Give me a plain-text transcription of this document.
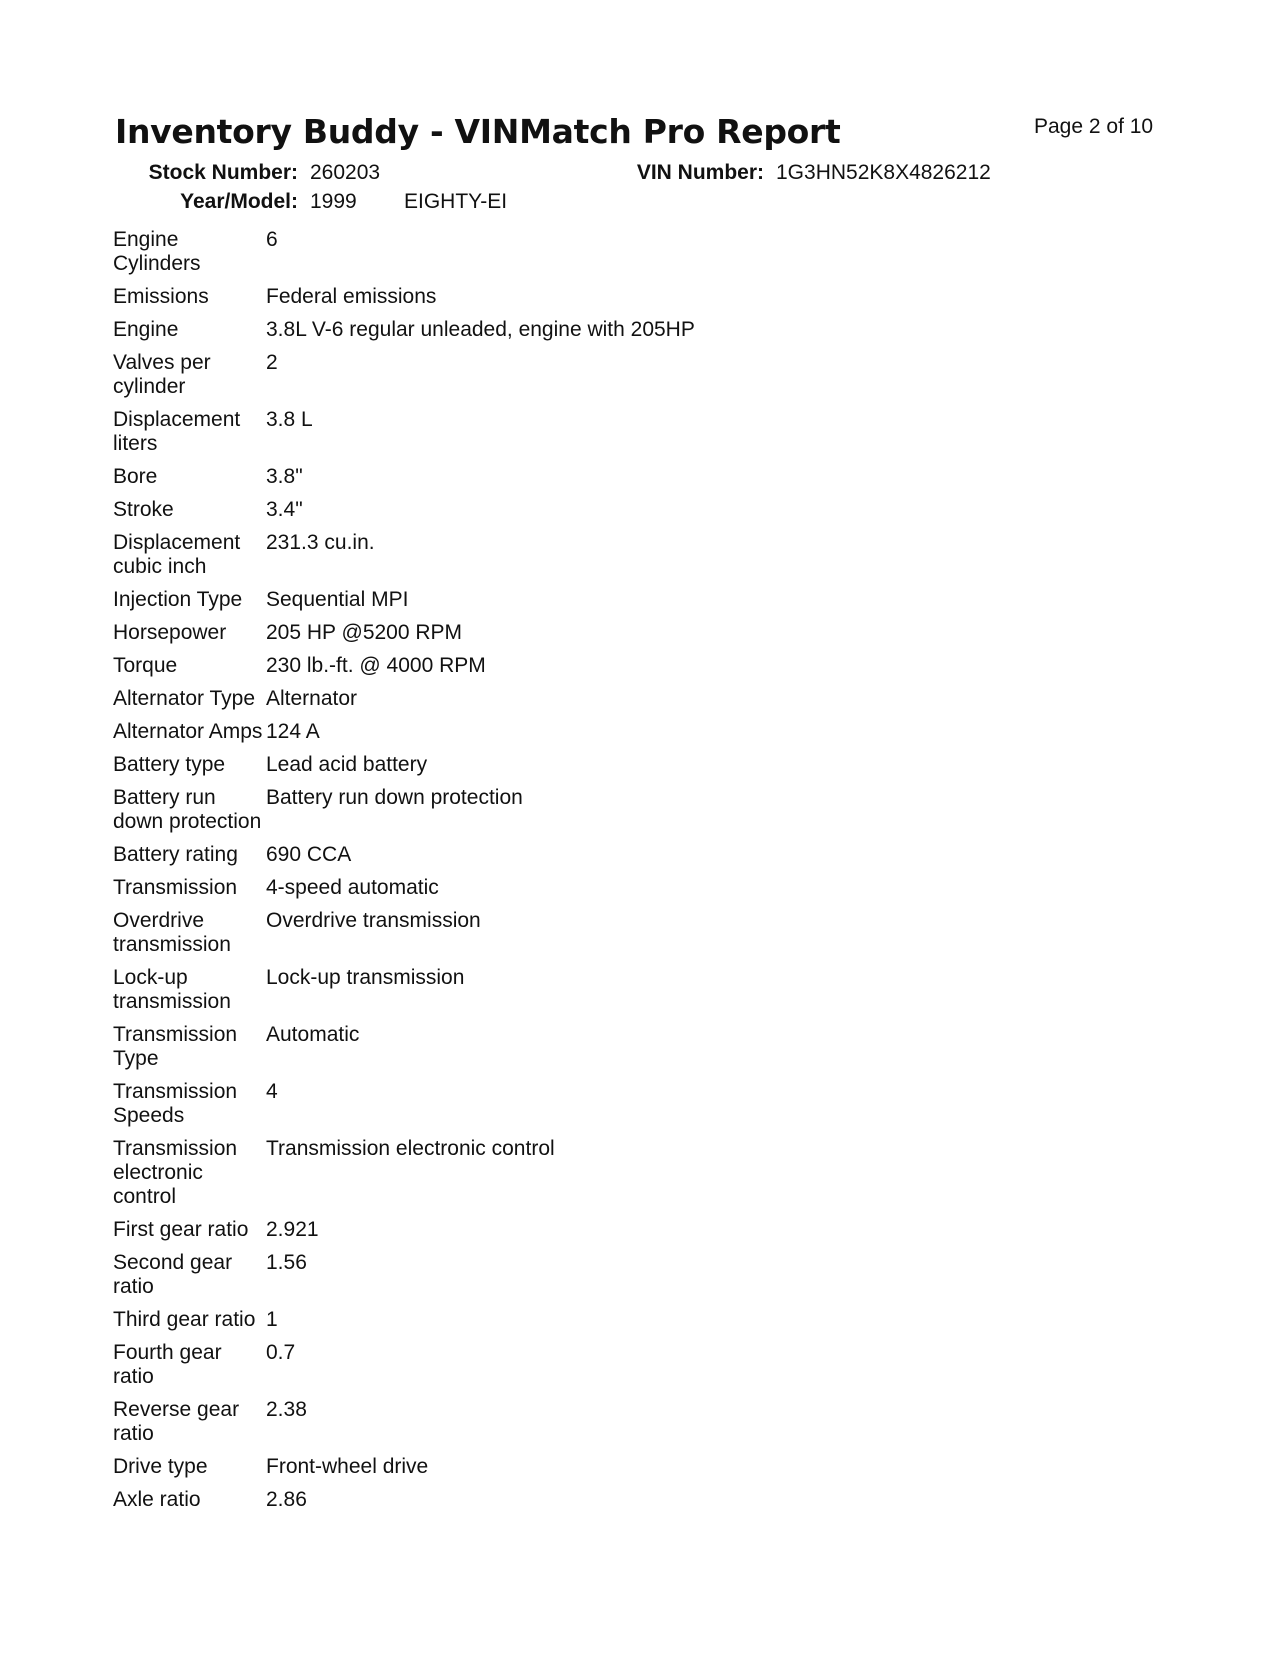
Inventory Buddy - VINMatch Pro Report	Page 2 of 10
Stock Number: 260203	VIN Number: 1G3HN52K8X4826212
Year/Model: 1999 EIGHTY-EI
Engine Cylinders	6
Emissions	Federal emissions
Engine	3.8L V-6 regular unleaded, engine with 205HP
Valves per cylinder	2
Displacement liters	3.8 L
Bore	3.8"
Stroke	3.4"
Displacement cubic inch	231.3 cu.in.
Injection Type	Sequential MPI
Horsepower	205 HP @5200 RPM
Torque	230 lb.-ft. @ 4000 RPM
Alternator Type	Alternator
Alternator Amps	124 A
Battery type	Lead acid battery
Battery run down protection	Battery run down protection
Battery rating	690 CCA
Transmission	4-speed automatic
Overdrive transmission	Overdrive transmission
Lock-up transmission	Lock-up transmission
Transmission Type	Automatic
Transmission Speeds	4
Transmission electronic control	Transmission electronic control
First gear ratio	2.921
Second gear ratio	1.56
Third gear ratio	1
Fourth gear ratio	0.7
Reverse gear ratio	2.38
Drive type	Front-wheel drive
Axle ratio	2.86
